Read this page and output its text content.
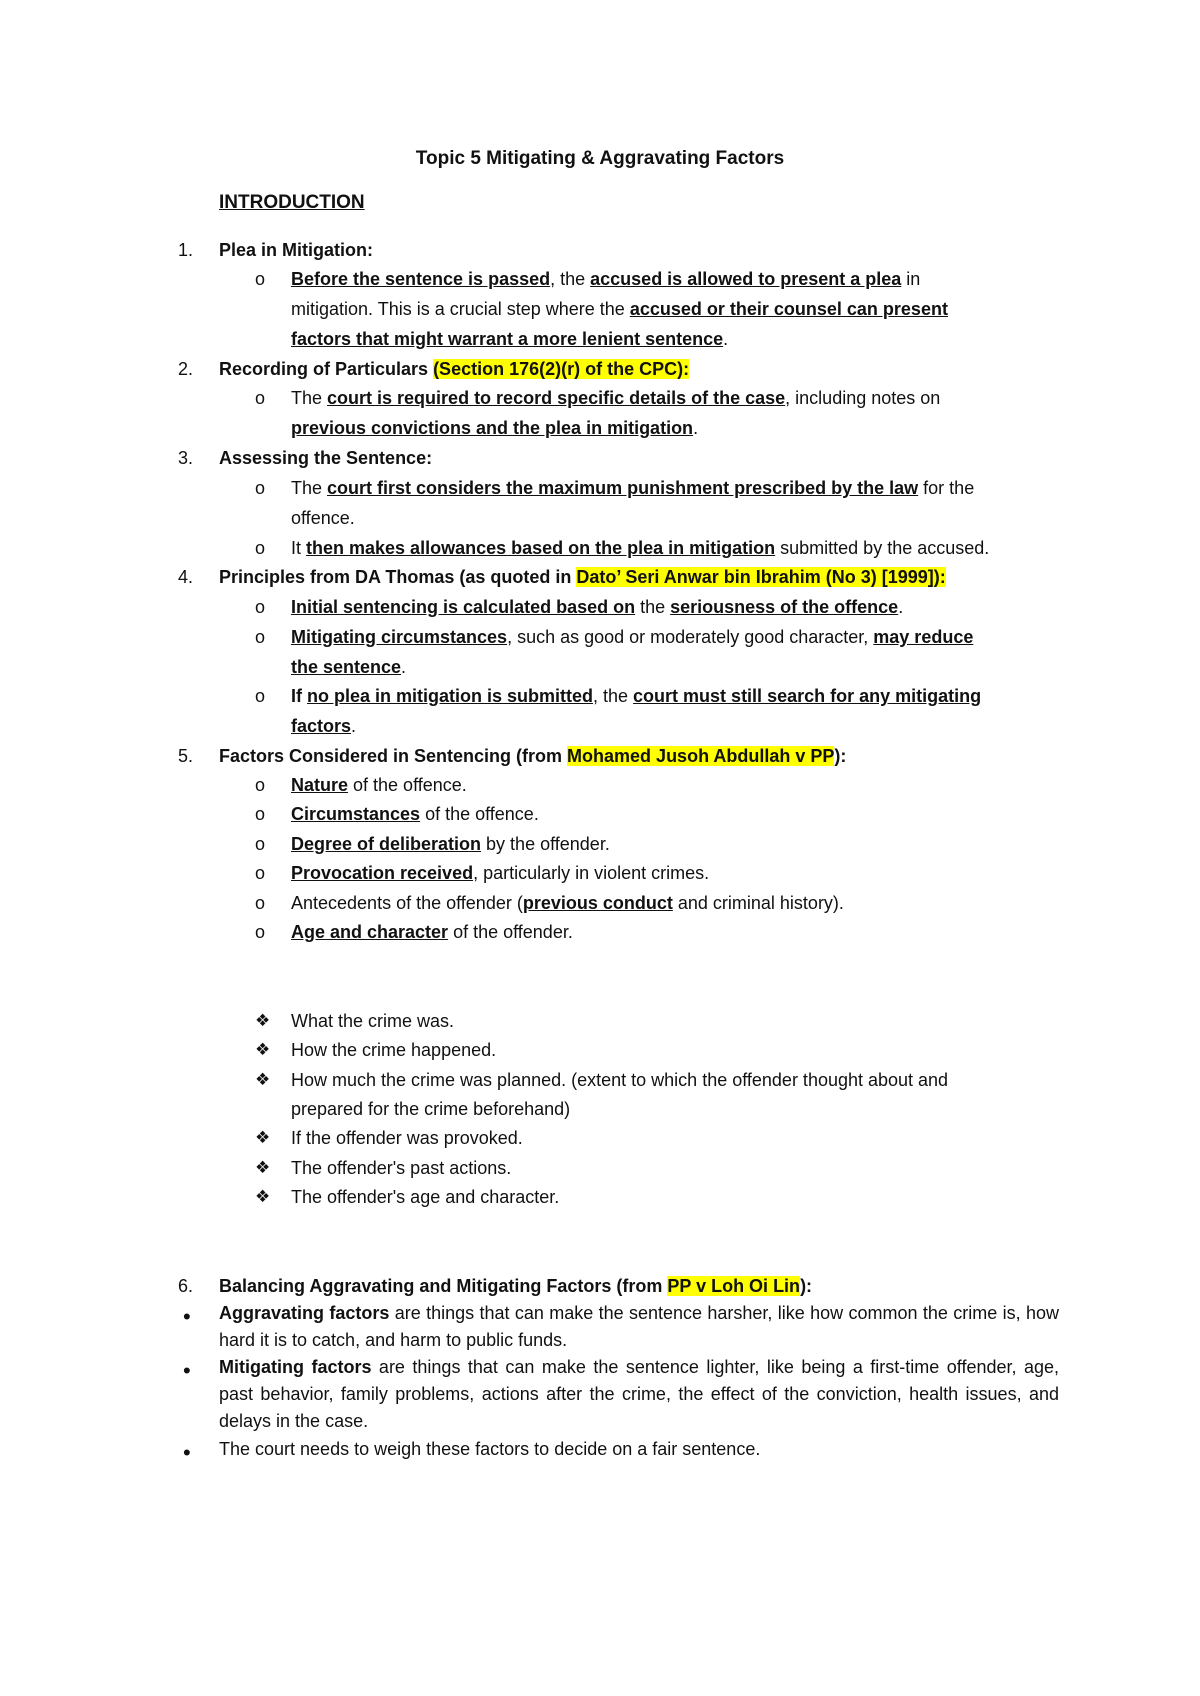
Topic 5 Mitigating & Aggravating Factors
INTRODUCTION
1. Plea in Mitigation:
o Before the sentence is passed, the accused is allowed to present a plea in
mitigation. This is a crucial step where the accused or their counsel can present
factors that might warrant a more lenient sentence.
2. Recording of Particulars (Section 176(2)(r) of the CPC):
o The court is required to record specific details of the case, including notes on
previous convictions and the plea in mitigation.
3. Assessing the Sentence:
o The court first considers the maximum punishment prescribed by the law for the
offence.
o It then makes allowances based on the plea in mitigation submitted by the accused.
4. Principles from DA Thomas (as quoted in Dato’ Seri Anwar bin Ibrahim (No 3) [1999]):
o Initial sentencing is calculated based on the seriousness of the offence.
o Mitigating circumstances, such as good or moderately good character, may reduce
the sentence.
o If no plea in mitigation is submitted, the court must still search for any mitigating
factors.
5. Factors Considered in Sentencing (from Mohamed Jusoh Abdullah v PP):
o Nature of the offence.
o Circumstances of the offence.
o Degree of deliberation by the offender.
o Provocation received, particularly in violent crimes.
o Antecedents of the offender (previous conduct and criminal history).
o Age and character of the offender.
❖ What the crime was.
❖ How the crime happened.
❖ How much the crime was planned. (extent to which the offender thought about and
prepared for the crime beforehand)
❖ If the offender was provoked.
❖ The offender's past actions.
❖ The offender's age and character.
6. Balancing Aggravating and Mitigating Factors (from PP v Loh Oi Lin):
• Aggravating factors are things that can make the sentence harsher, like how common the crime is, how hard it is to catch, and harm to public funds.
• Mitigating factors are things that can make the sentence lighter, like being a first-time offender, age, past behavior, family problems, actions after the crime, the effect of the conviction, health issues, and delays in the case.
• The court needs to weigh these factors to decide on a fair sentence.
